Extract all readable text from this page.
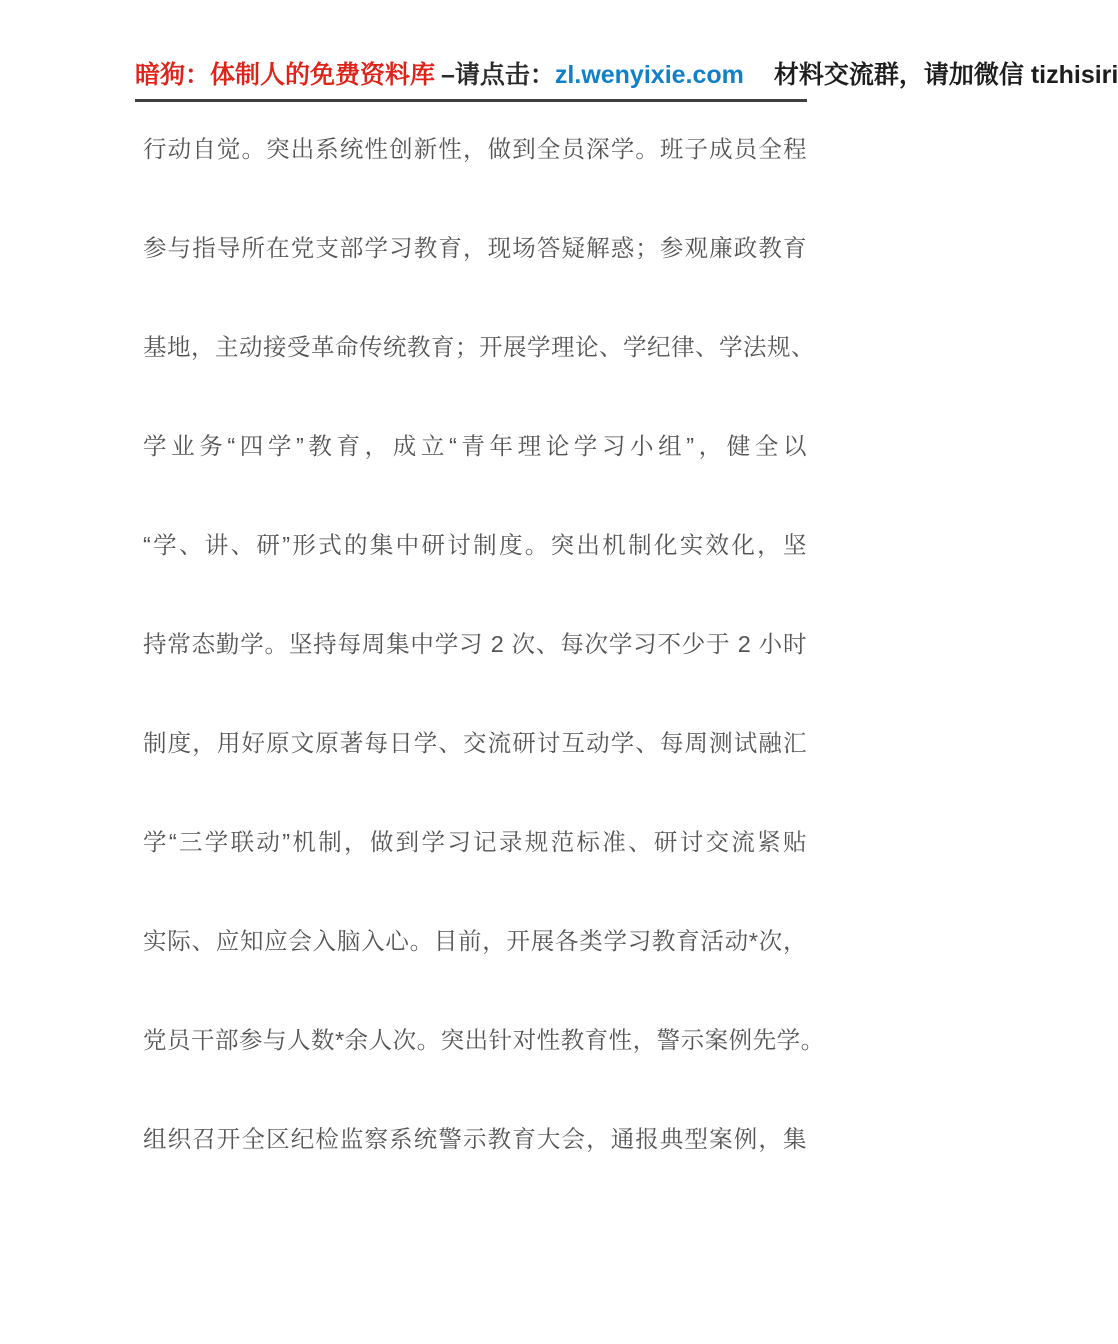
暗狗：体制人的免费资料库 –请点击：zl.wenyixie.com 材料交流群，请加微信 tizhisiri
行动自觉。突出系统性创新性，做到全员深学。班子成员全程
参与指导所在党支部学习教育，现场答疑解惑；参观廉政教育
基地，主动接受革命传统教育；开展学理论、学纪律、学法规、
学业务“四学”教育，成立“青年理论学习小组”，健全以
“学、讲、研”形式的集中研讨制度。突出机制化实效化，坚
持常态勤学。坚持每周集中学习 2 次、每次学习不少于 2 小时
制度，用好原文原著每日学、交流研讨互动学、每周测试融汇
学“三学联动”机制，做到学习记录规范标准、研讨交流紧贴
实际、应知应会入脑入心。目前，开展各类学习教育活动*次，
党员干部参与人数*余人次。突出针对性教育性，警示案例先学。
组织召开全区纪检监察系统警示教育大会，通报典型案例，集
